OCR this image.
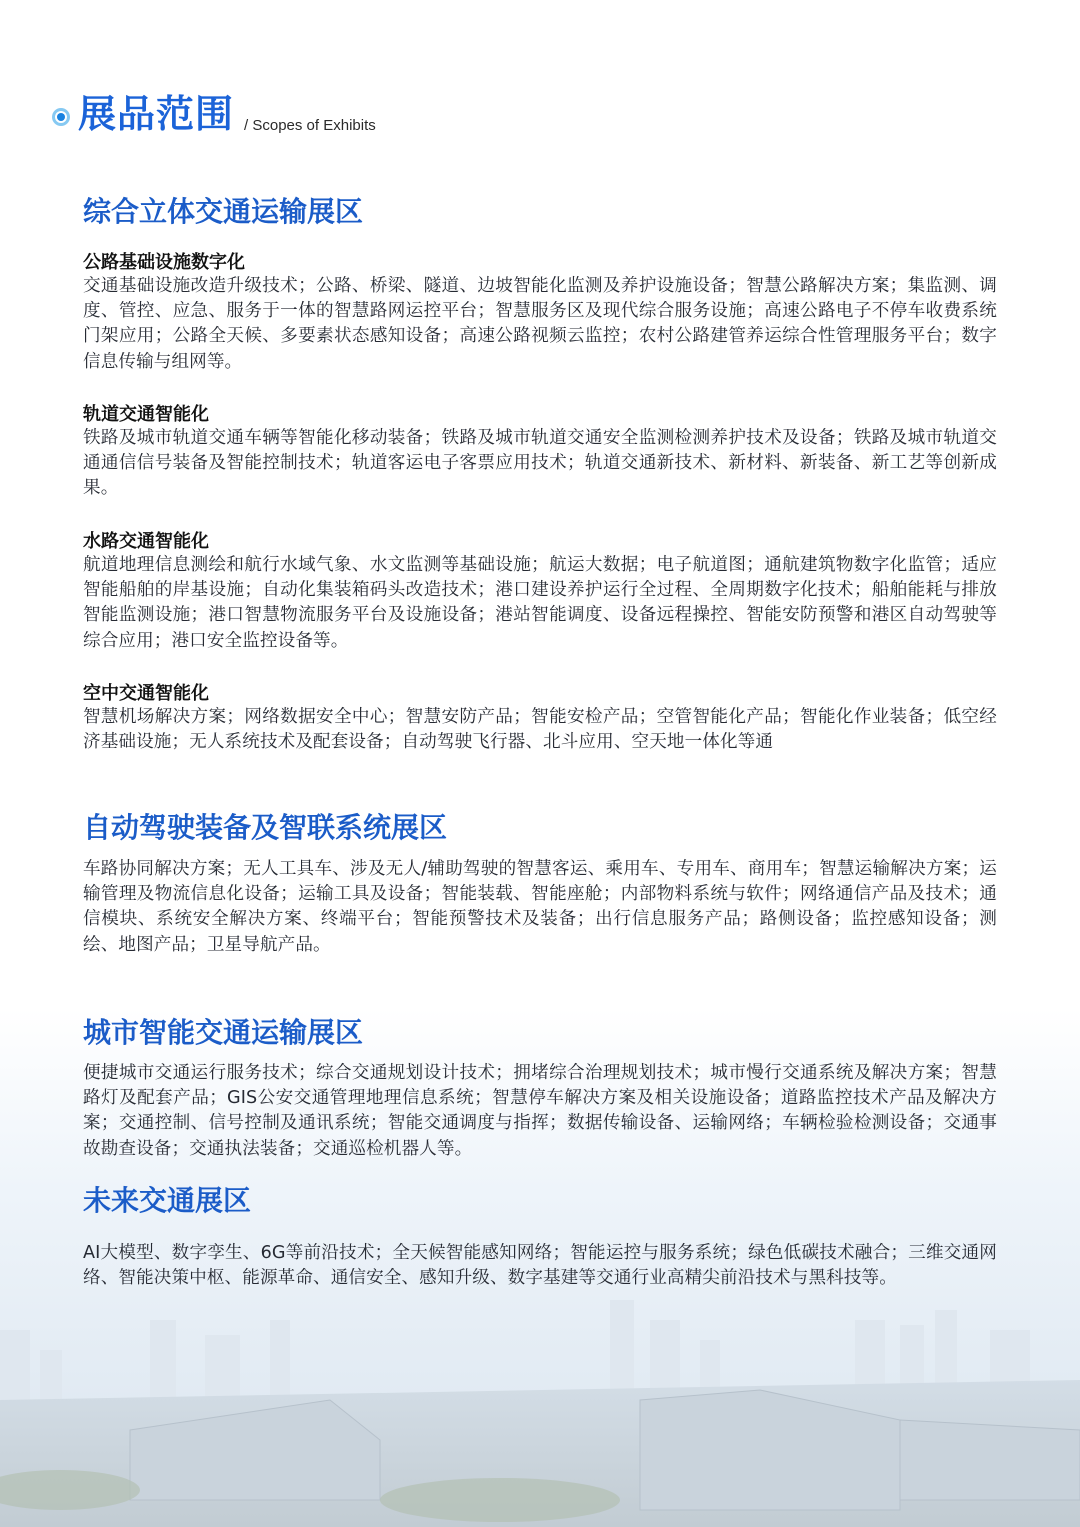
展品范围 / Scopes of Exhibits
综合立体交通运输展区
公路基础设施数字化
交通基础设施改造升级技术；公路、桥梁、隧道、边坡智能化监测及养护设施设备；智慧公路解决方案；集监测、调度、管控、应急、服务于一体的智慧路网运控平台；智慧服务区及现代综合服务设施；高速公路电子不停车收费系统门架应用；公路全天候、多要素状态感知设备；高速公路视频云监控；农村公路建管养运综合性管理服务平台；数字信息传输与组网等。
轨道交通智能化
铁路及城市轨道交通车辆等智能化移动装备；铁路及城市轨道交通安全监测检测养护技术及设备；铁路及城市轨道交通通信信号装备及智能控制技术；轨道客运电子客票应用技术；轨道交通新技术、新材料、新装备、新工艺等创新成果。
水路交通智能化
航道地理信息测绘和航行水域气象、水文监测等基础设施；航运大数据；电子航道图；通航建筑物数字化监管；适应智能船舶的岸基设施；自动化集装箱码头改造技术；港口建设养护运行全过程、全周期数字化技术；船舶能耗与排放智能监测设施；港口智慧物流服务平台及设施设备；港站智能调度、设备远程操控、智能安防预警和港区自动驾驶等综合应用；港口安全监控设备等。
空中交通智能化
智慧机场解决方案；网络数据安全中心；智慧安防产品；智能安检产品；空管智能化产品；智能化作业装备；低空经济基础设施；无人系统技术及配套设备；自动驾驶飞行器、北斗应用、空天地一体化等通
自动驾驶装备及智联系统展区
车路协同解决方案；无人工具车、涉及无人/辅助驾驶的智慧客运、乘用车、专用车、商用车；智慧运输解决方案；运输管理及物流信息化设备；运输工具及设备；智能装载、智能座舱；内部物料系统与软件；网络通信产品及技术；通信模块、系统安全解决方案、终端平台；智能预警技术及装备；出行信息服务产品；路侧设备；监控感知设备；测绘、地图产品；卫星导航产品。
城市智能交通运输展区
便捷城市交通运行服务技术；综合交通规划设计技术；拥堵综合治理规划技术；城市慢行交通系统及解决方案；智慧路灯及配套产品；GIS公安交通管理地理信息系统；智慧停车解决方案及相关设施设备；道路监控技术产品及解决方案；交通控制、信号控制及通讯系统；智能交通调度与指挥；数据传输设备、运输网络；车辆检验检测设备；交通事故勘查设备；交通执法装备；交通巡检机器人等。
未来交通展区
AI大模型、数字孪生、6G等前沿技术；全天候智能感知网络；智能运控与服务系统；绿色低碳技术融合；三维交通网络、智能决策中枢、能源革命、通信安全、感知升级、数字基建等交通行业高精尖前沿技术与黑科技等。
